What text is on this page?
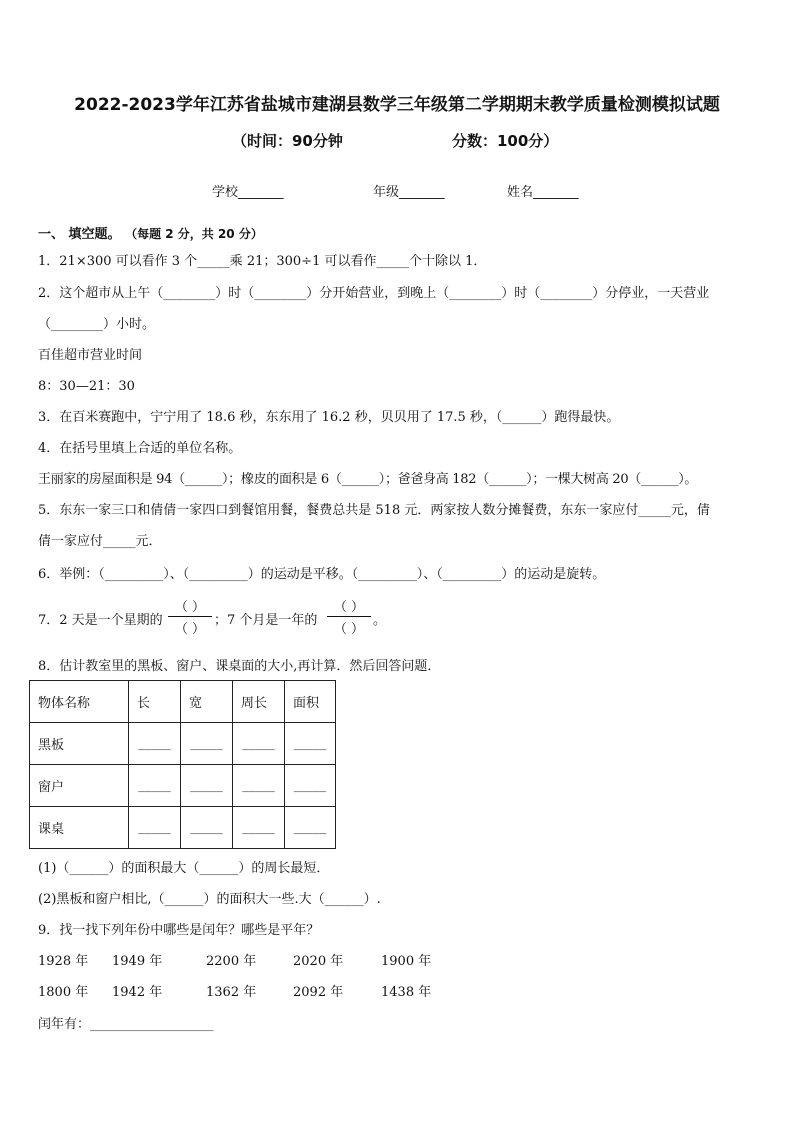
2022-2023学年江苏省盐城市建湖县数学三年级第二学期期末教学质量检测模拟试题
（时间：90分钟	分数：100分）
学校_______	年级_______	姓名_______
一、 填空题。 （每题 2 分，共 20 分）
1．21×300 可以看作 3 个_____乘 21；300÷1 可以看作_____个十除以 1．
2．这个超市从上午（________）时（________）分开始营业，到晚上（________）时（________）分停业，一天营业
（________）小时。
百佳超市营业时间
8：30—21：30
3．在百米赛跑中，宁宁用了 18.6 秒，东东用了 16.2 秒，贝贝用了 17.5 秒，（______）跑得最快。
4．在括号里填上合适的单位名称。
王丽家的房屋面积是 94（______）；橡皮的面积是 6（______）；爸爸身高 182（______）；一棵大树高 20（______）。
5．东东一家三口和倩倩一家四口到餐馆用餐，餐费总共是 518 元．两家按人数分摊餐费，东东一家应付_____元，倩
倩一家应付_____元．
6．举例：（_________）、（_________）的运动是平移。（_________）、（_________）的运动是旋转。
7．2 天是一个星期的
（ ）
（ ）
；7 个月是一年的
（ ）
（ ）
。
8．估计教室里的黑板、窗户、课桌面的大小,再计算．然后回答问题．
物体名称	长	宽	周长	面积
黑板	_____	_____	_____	_____
窗户	_____	_____	_____	_____
课桌	_____	_____	_____	_____
(1)（______）的面积最大（______）的周长最短．
(2)黑板和窗户相比,（______）的面积大一些.大（______）.
9．找一找下列年份中哪些是闰年？哪些是平年？
1928 年 1949 年	2200 年	2020 年	1900 年
1800 年 1942 年	1362 年	2092 年	1438 年
闰年有：___________________
